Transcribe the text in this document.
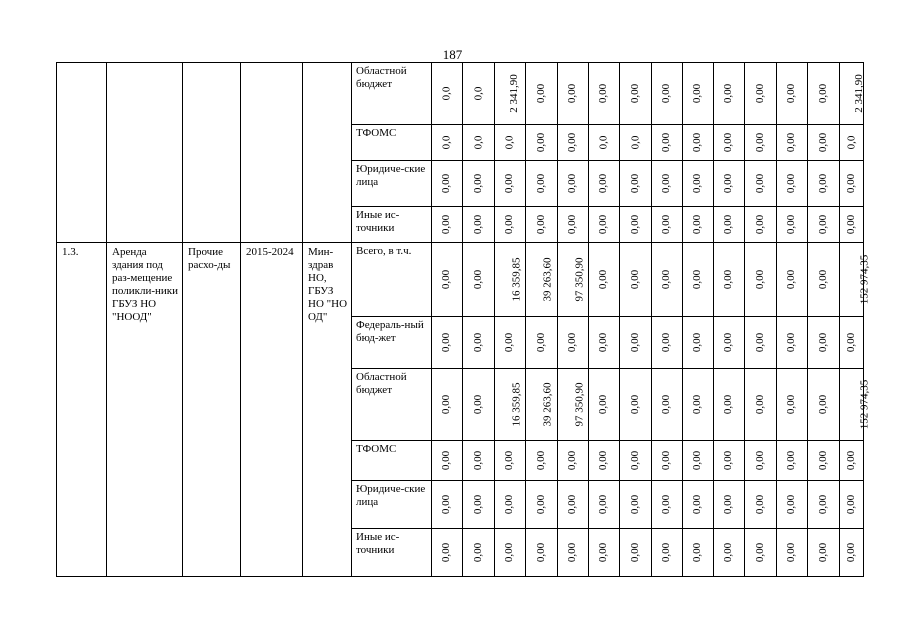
187
					Областной бюджет	0,0	0,0	2 341,90	0,00	0,00	0,00	0,00	0,00	0,00	0,00	0,00	0,00	0,00	2 341,90
					ТФОМС	0,0	0,0	0,0	0,00	0,00	0,0	0,0	0,00	0,00	0,00	0,00	0,00	0,00	0,0
					Юридиче-ские лица	0,00	0,00	0,00	0,00	0,00	0,00	0,00	0,00	0,00	0,00	0,00	0,00	0,00	0,00
					Иные ис-точники	0,00	0,00	0,00	0,00	0,00	0,00	0,00	0,00	0,00	0,00	0,00	0,00	0,00	0,00
1.3.	Аренда здания под раз-мещение поликли-ники ГБУЗ НО "НООД"	Прочие расхо-ды	2015-2024	Мин-здрав НО, ГБУЗ НО "НО ОД"	Всего, в т.ч.	0,00	0,00	16 359,85	39 263,60	97 350,90	0,00	0,00	0,00	0,00	0,00	0,00	0,00	0,00	152 974,35
					Федераль-ный бюд-жет	0,00	0,00	0,00	0,00	0,00	0,00	0,00	0,00	0,00	0,00	0,00	0,00	0,00	0,00
					Областной бюджет	0,00	0,00	16 359,85	39 263,60	97 350,90	0,00	0,00	0,00	0,00	0,00	0,00	0,00	0,00	152 974,35
					ТФОМС	0,00	0,00	0,00	0,00	0,00	0,00	0,00	0,00	0,00	0,00	0,00	0,00	0,00	0,00
					Юридиче-ские лица	0,00	0,00	0,00	0,00	0,00	0,00	0,00	0,00	0,00	0,00	0,00	0,00	0,00	0,00
					Иные ис-точники	0,00	0,00	0,00	0,00	0,00	0,00	0,00	0,00	0,00	0,00	0,00	0,00	0,00	0,00
